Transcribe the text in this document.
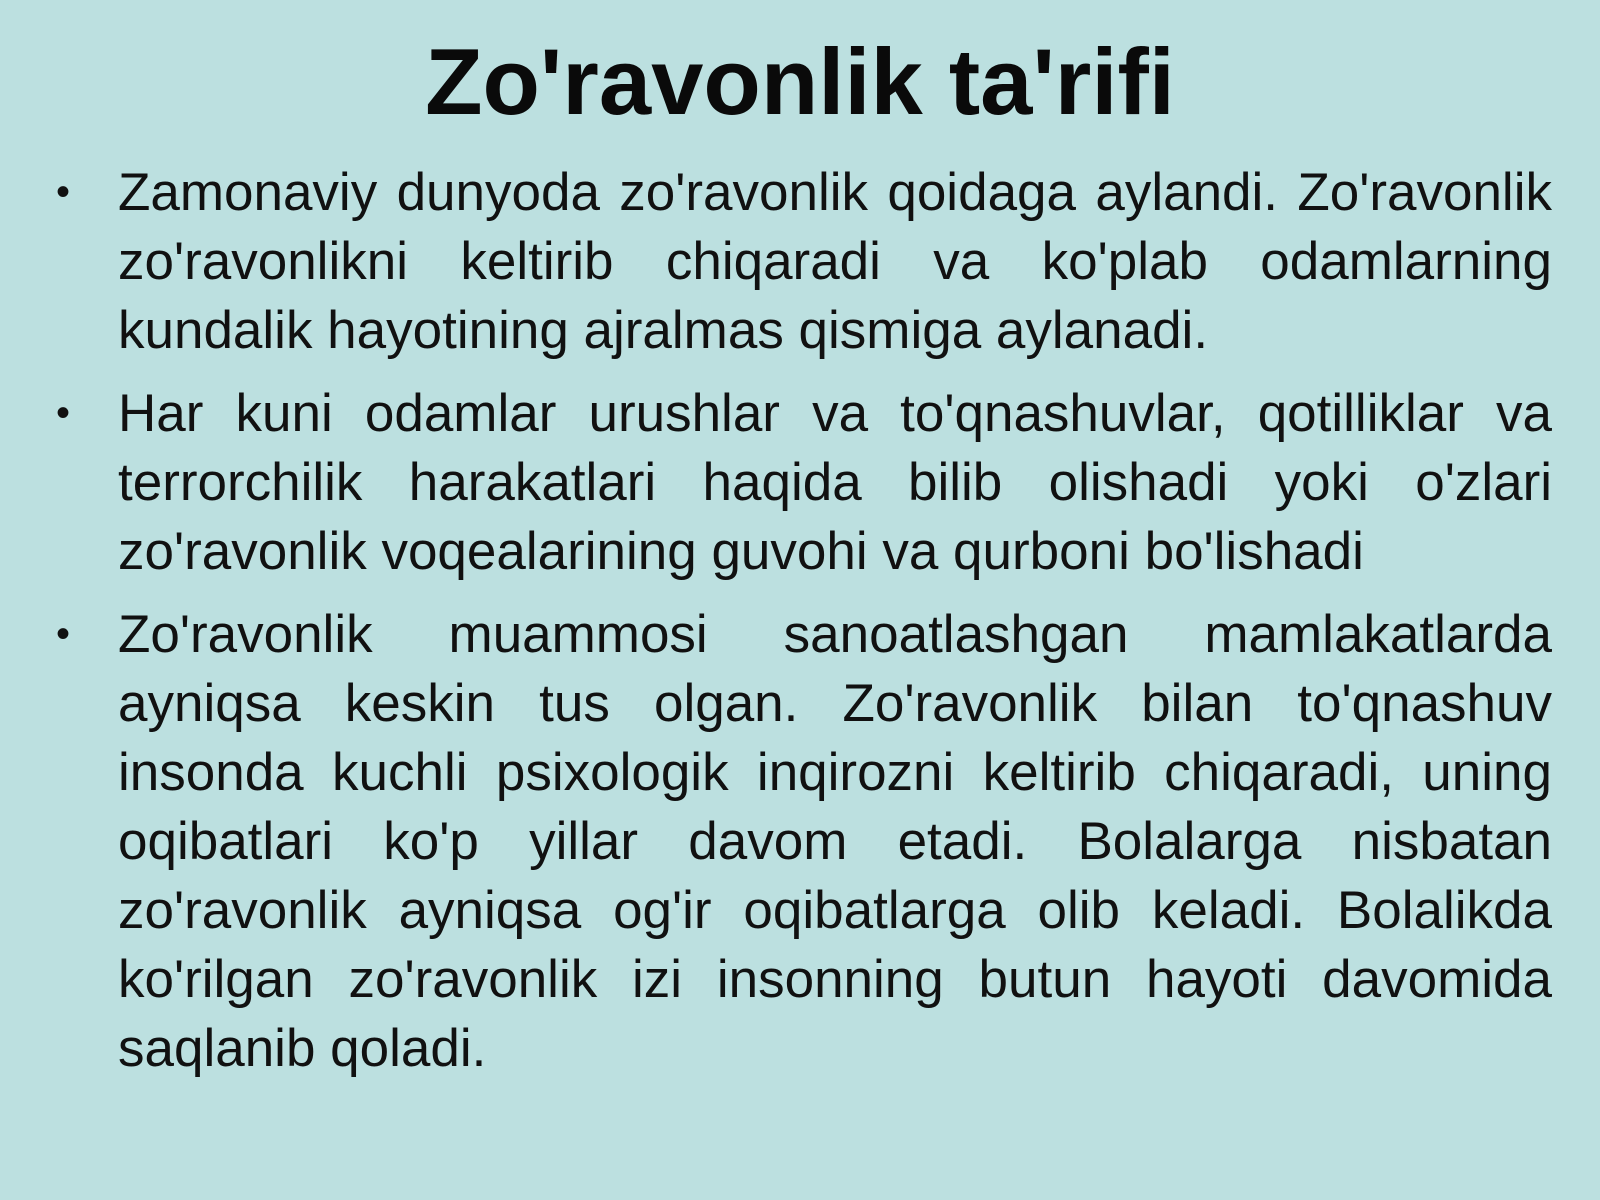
Zo'ravonlik ta'rifi
• Zamonaviy dunyoda zo'ravonlik qoidaga aylandi. Zo'ravonlik zo'ravonlikni keltirib chiqaradi va ko'plab odamlarning kundalik hayotining ajralmas qismiga aylanadi.
• Har kuni odamlar urushlar va to'qnashuvlar, qotilliklar va terrorchilik harakatlari haqida bilib olishadi yoki o'zlari zo'ravonlik voqealarining guvohi va qurboni bo'lishadi
• Zo'ravonlik muammosi sanoatlashgan mamlakatlarda ayniqsa keskin tus olgan. Zo'ravonlik bilan to'qnashuv insonda kuchli psixologik inqirozni keltirib chiqaradi, uning oqibatlari ko'p yillar davom etadi. Bolalarga nisbatan zo'ravonlik ayniqsa og'ir oqibatlarga olib keladi. Bolalikda ko'rilgan zo'ravonlik izi insonning butun hayoti davomida saqlanib qoladi.
